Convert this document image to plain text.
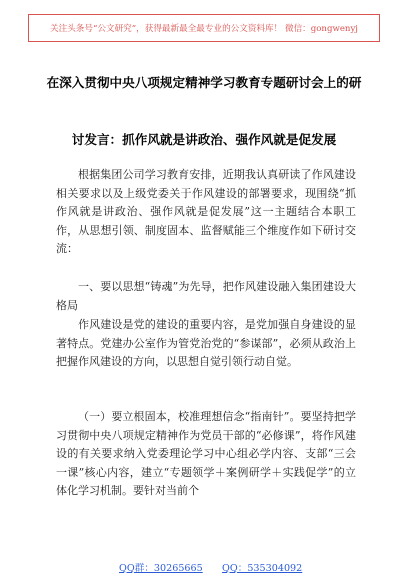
关注头条号“公文研究”，获得最新最全最专业的公文资料库！ 微信：gongwenyj
在深入贯彻中央八项规定精神学习教育专题研讨会上的研
讨发言：抓作风就是讲政治、强作风就是促发展

根据集团公司学习教育安排，近期我认真研读了作风建设相关要求以及上级党委关于作风建设的部署要求，现围绕“抓作风就是讲政治、强作风就是促发展”这一主题结合本职工作，从思想引领、制度固本、监督赋能三个维度作如下研讨交流：

一、要以思想“铸魂”为先导，把作风建设融入集团建设大格局

作风建设是党的建设的重要内容，是党加强自身建设的显著特点。党建办公室作为管党治党的“参谋部”，必须从政治上把握作风建设的方向，以思想自觉引领行动自觉。

（一）要立根固本，校准理想信念“指南针”。要坚持把学习贯彻中央八项规定精神作为党员干部的“必修课”，将作风建设的有关要求纳入党委理论学习中心组必学内容、支部“三会一课”核心内容，建立“专题领学＋案例研学＋实践促学”的立体化学习机制。要针对当前个

QQ群：30265665 QQ：535304092
